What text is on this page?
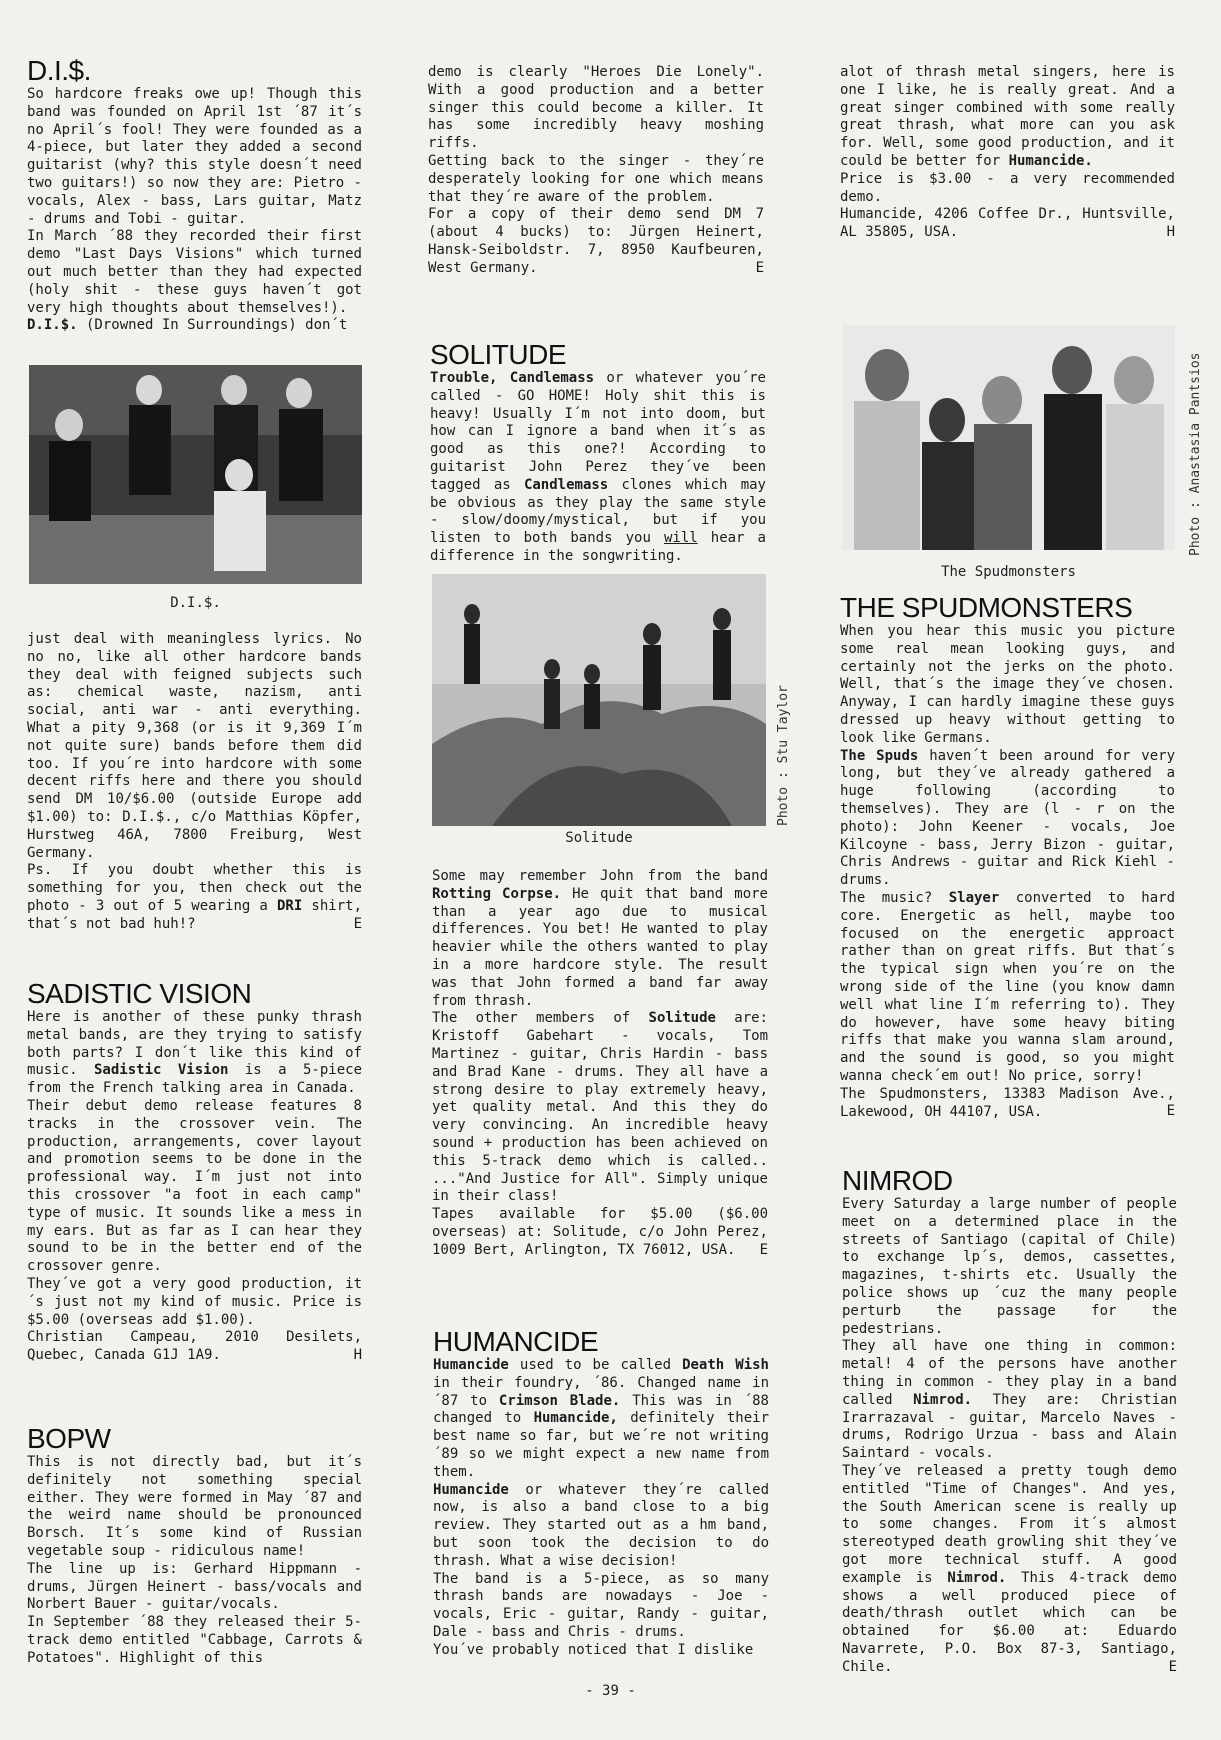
D.I.$.

So hardcore freaks owe up! Though this band was founded on April 1st ´87 it´s no April´s fool! They were founded as a 4-piece, but later they added a second guitarist (why? this style doesn´t need two guitars!) so now they are: Pietro - vocals, Alex - bass, Lars guitar, Matz - drums and Tobi - guitar.

In March ´88 they recorded their first demo "Last Days Visions" which turned out much better than they had expected (holy shit - these guys haven´t got very high thoughts about themselves!).

D.I.$. (Drowned In Surroundings) don´t

D.I.$.

just deal with meaningless lyrics. No no no, like all other hardcore bands they deal with feigned subjects such as: chemical waste, nazism, anti social, anti war - anti everything. What a pity 9,368 (or is it 9,369 I´m not quite sure) bands before them did too. If you´re into hardcore with some decent riffs here and there you should send DM 10/$6.00 (outside Europe add $1.00) to: D.I.$., c/o Matthias Köpfer, Hurstweg 46A, 7800 Freiburg, West Germany.

Ps. If you doubt whether this is something for you, then check out the photo - 3 out of 5 wearing a DRI shirt, that´s not bad huh!?	E
SADISTIC VISION

Here is another of these punky thrash metal bands, are they trying to satisfy both parts? I don´t like this kind of music. Sadistic Vision is a 5-piece from the French talking area in Canada.

Their debut demo release features 8 tracks in the crossover vein. The production, arrangements, cover layout and promotion seems to be done in the professional way. I´m just not into this crossover "a foot in each camp" type of music. It sounds like a mess in my ears. But as far as I can hear they sound to be in the better end of the crossover genre.

They´ve got a very good production, it´s just not my kind of music. Price is $5.00 (overseas add $1.00).

Christian Campeau, 2010 Desilets, Quebec, Canada G1J 1A9.	H
BOPW

This is not directly bad, but it´s definitely not something special either. They were formed in May ´87 and the weird name should be pronounced Borsch. It´s some kind of Russian vegetable soup - ridiculous name!

The line up is: Gerhard Hippmann - drums, Jürgen Heinert - bass/vocals and Norbert Bauer - guitar/vocals.

In September ´88 they released their 5-track demo entitled "Cabbage, Carrots & Potatoes". Highlight of this

demo is clearly "Heroes Die Lonely". With a good production and a better singer this could become a killer. It has some incredibly heavy moshing riffs.

Getting back to the singer - they´re desperately looking for one which means that they´re aware of the problem.

For a copy of their demo send DM 7 (about 4 bucks) to: Jürgen Heinert, Hansk-Seiboldstr. 7, 8950 Kaufbeuren, West Germany.	E
SOLITUDE

Trouble, Candlemass or whatever you´re called - GO HOME! Holy shit this is heavy! Usually I´m not into doom, but how can I ignore a band when it´s as good as this one?! According to guitarist John Perez they´ve been tagged as Candlemass clones which may be obvious as they play the same style - slow/doomy/mystical, but if you listen to both bands you will hear a difference in the songwriting.

Photo : Stu Taylor
Solitude

Some may remember John from the band Rotting Corpse. He quit that band more than a year ago due to musical differences. You bet! He wanted to play heavier while the others wanted to play in a more hardcore style. The result was that John formed a band far away from thrash.

The other members of Solitude are: Kristoff Gabehart - vocals, Tom Martinez - guitar, Chris Hardin - bass and Brad Kane - drums. They all have a strong desire to play extremely heavy, yet quality metal. And this they do very convincing. An incredible heavy sound + production has been achieved on this 5-track demo which is called.. ..."And Justice for All". Simply unique in their class!

Tapes available for $5.00 ($6.00 overseas) at: Solitude, c/o John Perez, 1009 Bert, Arlington, TX 76012, USA.	E
HUMANCIDE

Humancide used to be called Death Wish in their foundry, ´86. Changed name in ´87 to Crimson Blade. This was in ´88 changed to Humancide, definitely their best name so far, but we´re not writing ´89 so we might expect a new name from them.

Humancide or whatever they´re called now, is also a band close to a big review. They started out as a hm band, but soon took the decision to do thrash. What a wise decision!

The band is a 5-piece, as so many thrash bands are nowadays - Joe - vocals, Eric - guitar, Randy - guitar, Dale - bass and Chris - drums.

You´ve probably noticed that I dislike

alot of thrash metal singers, here is one I like, he is really great. And a great singer combined with some really great thrash, what more can you ask for. Well, some good production, and it could be better for Humancide.

Price is $3.00 - a very recommended demo.

Humancide, 4206 Coffee Dr., Huntsville, AL 35805, USA.	H
Photo : Anastasia Pantsios
The Spudmonsters
THE SPUDMONSTERS

When you hear this music you picture some real mean looking guys, and certainly not the jerks on the photo. Well, that´s the image they´ve chosen. Anyway, I can hardly imagine these guys dressed up heavy without getting to look like Germans.

The Spuds haven´t been around for very long, but they´ve already gathered a huge following (according to themselves). They are (l - r on the photo): John Keener - vocals, Joe Kilcoyne - bass, Jerry Bizon - guitar, Chris Andrews - guitar and Rick Kiehl - drums.

The music? Slayer converted to hard core. Energetic as hell, maybe too focused on the energetic approact rather than on great riffs. But that´s the typical sign when you´re on the wrong side of the line (you know damn well what line I´m referring to). They do however, have some heavy biting riffs that make you wanna slam around, and the sound is good, so you might wanna check´em out! No price, sorry!

The Spudmonsters, 13383 Madison Ave., Lakewood, OH 44107, USA.	E
NIMROD

Every Saturday a large number of people meet on a determined place in the streets of Santiago (capital of Chile) to exchange lp´s, demos, cassettes, magazines, t-shirts etc. Usually the police shows up ´cuz the many people perturb the passage for the pedestrians.

They all have one thing in common: metal! 4 of the persons have another thing in common - they play in a band called Nimrod. They are: Christian Irarrazaval - guitar, Marcelo Naves - drums, Rodrigo Urzua - bass and Alain Saintard - vocals.

They´ve released a pretty tough demo entitled "Time of Changes". And yes, the South American scene is really up to some changes. From it´s almost stereotyped death growling shit they´ve got more technical stuff. A good example is Nimrod. This 4-track demo shows a well produced piece of death/thrash outlet which can be obtained for $6.00 at: Eduardo Navarrete, P.O. Box 87-3, Santiago, Chile.	E
- 39 -
